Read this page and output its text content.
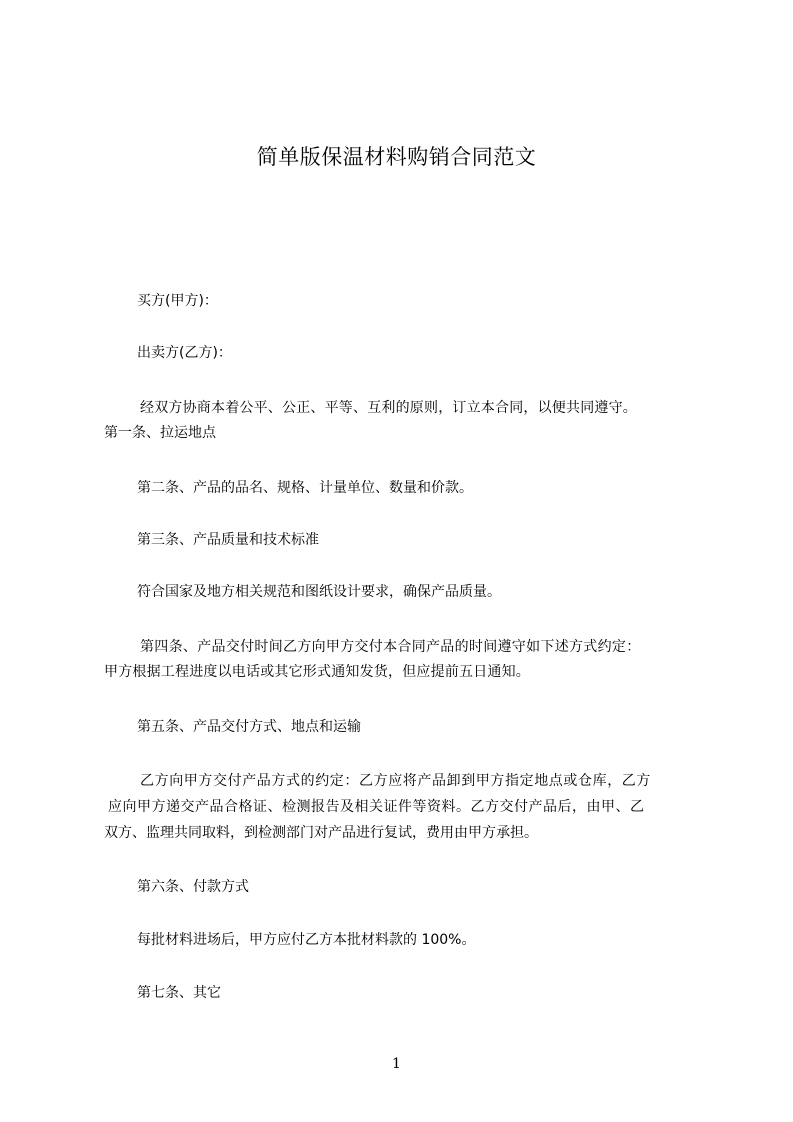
简单版保温材料购销合同范文
买方(甲方)：
出卖方(乙方)：
经双方协商本着公平、公正、平等、互利的原则，订立本合同，以便共同遵守。
第一条、拉运地点
第二条、产品的品名、规格、计量单位、数量和价款。
第三条、产品质量和技术标准
符合国家及地方相关规范和图纸设计要求，确保产品质量。
第四条、产品交付时间乙方向甲方交付本合同产品的时间遵守如下述方式约定：
甲方根据工程进度以电话或其它形式通知发货，但应提前五日通知。
第五条、产品交付方式、地点和运输
乙方向甲方交付产品方式的约定：乙方应将产品卸到甲方指定地点或仓库，乙方
应向甲方递交产品合格证、检测报告及相关证件等资料。乙方交付产品后，由甲、乙
双方、监理共同取料，到检测部门对产品进行复试，费用由甲方承担。
第六条、付款方式
每批材料进场后，甲方应付乙方本批材料款的 100%。
第七条、其它
1
